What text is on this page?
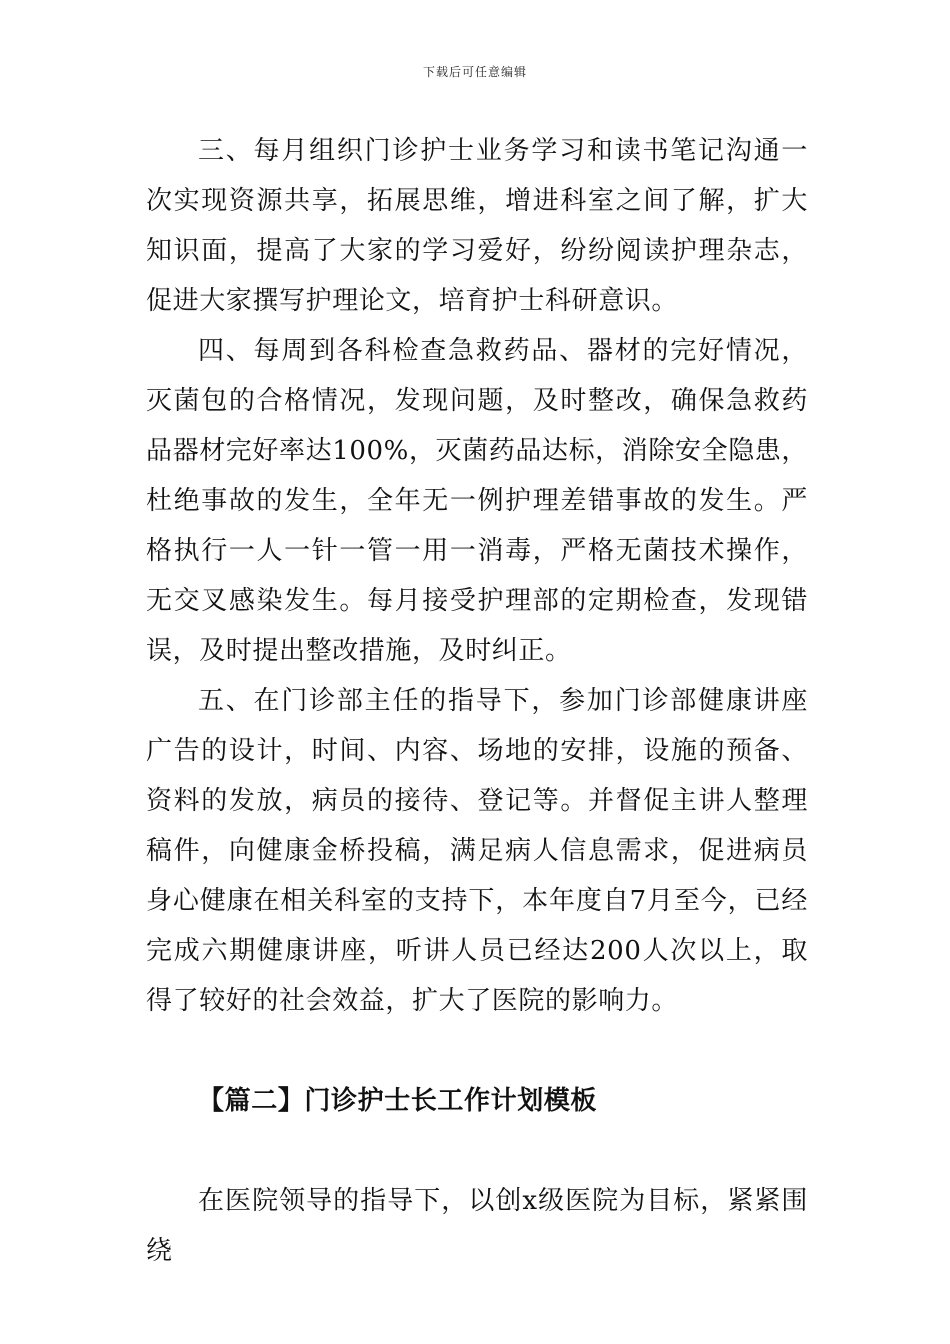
下载后可任意编辑

三、每月组织门诊护士业务学习和读书笔记沟通一次实现资源共享，拓展思维，增进科室之间了解，扩大知识面，提高了大家的学习爱好，纷纷阅读护理杂志，促进大家撰写护理论文，培育护士科研意识。

四、每周到各科检查急救药品、器材的完好情况，灭菌包的合格情况，发现问题，及时整改，确保急救药品器材完好率达100%，灭菌药品达标，消除安全隐患，杜绝事故的发生，全年无一例护理差错事故的发生。严格执行一人一针一管一用一消毒，严格无菌技术操作，无交叉感染发生。每月接受护理部的定期检查，发现错误，及时提出整改措施，及时纠正。

五、在门诊部主任的指导下，参加门诊部健康讲座广告的设计，时间、内容、场地的安排，设施的预备、资料的发放，病员的接待、登记等。并督促主讲人整理稿件，向健康金桥投稿，满足病人信息需求，促进病员身心健康在相关科室的支持下，本年度自7月至今，已经完成六期健康讲座，听讲人员已经达200人次以上，取得了较好的社会效益，扩大了医院的影响力。

【篇二】门诊护士长工作计划模板

在医院领导的指导下，以创x级医院为目标，紧紧围绕
